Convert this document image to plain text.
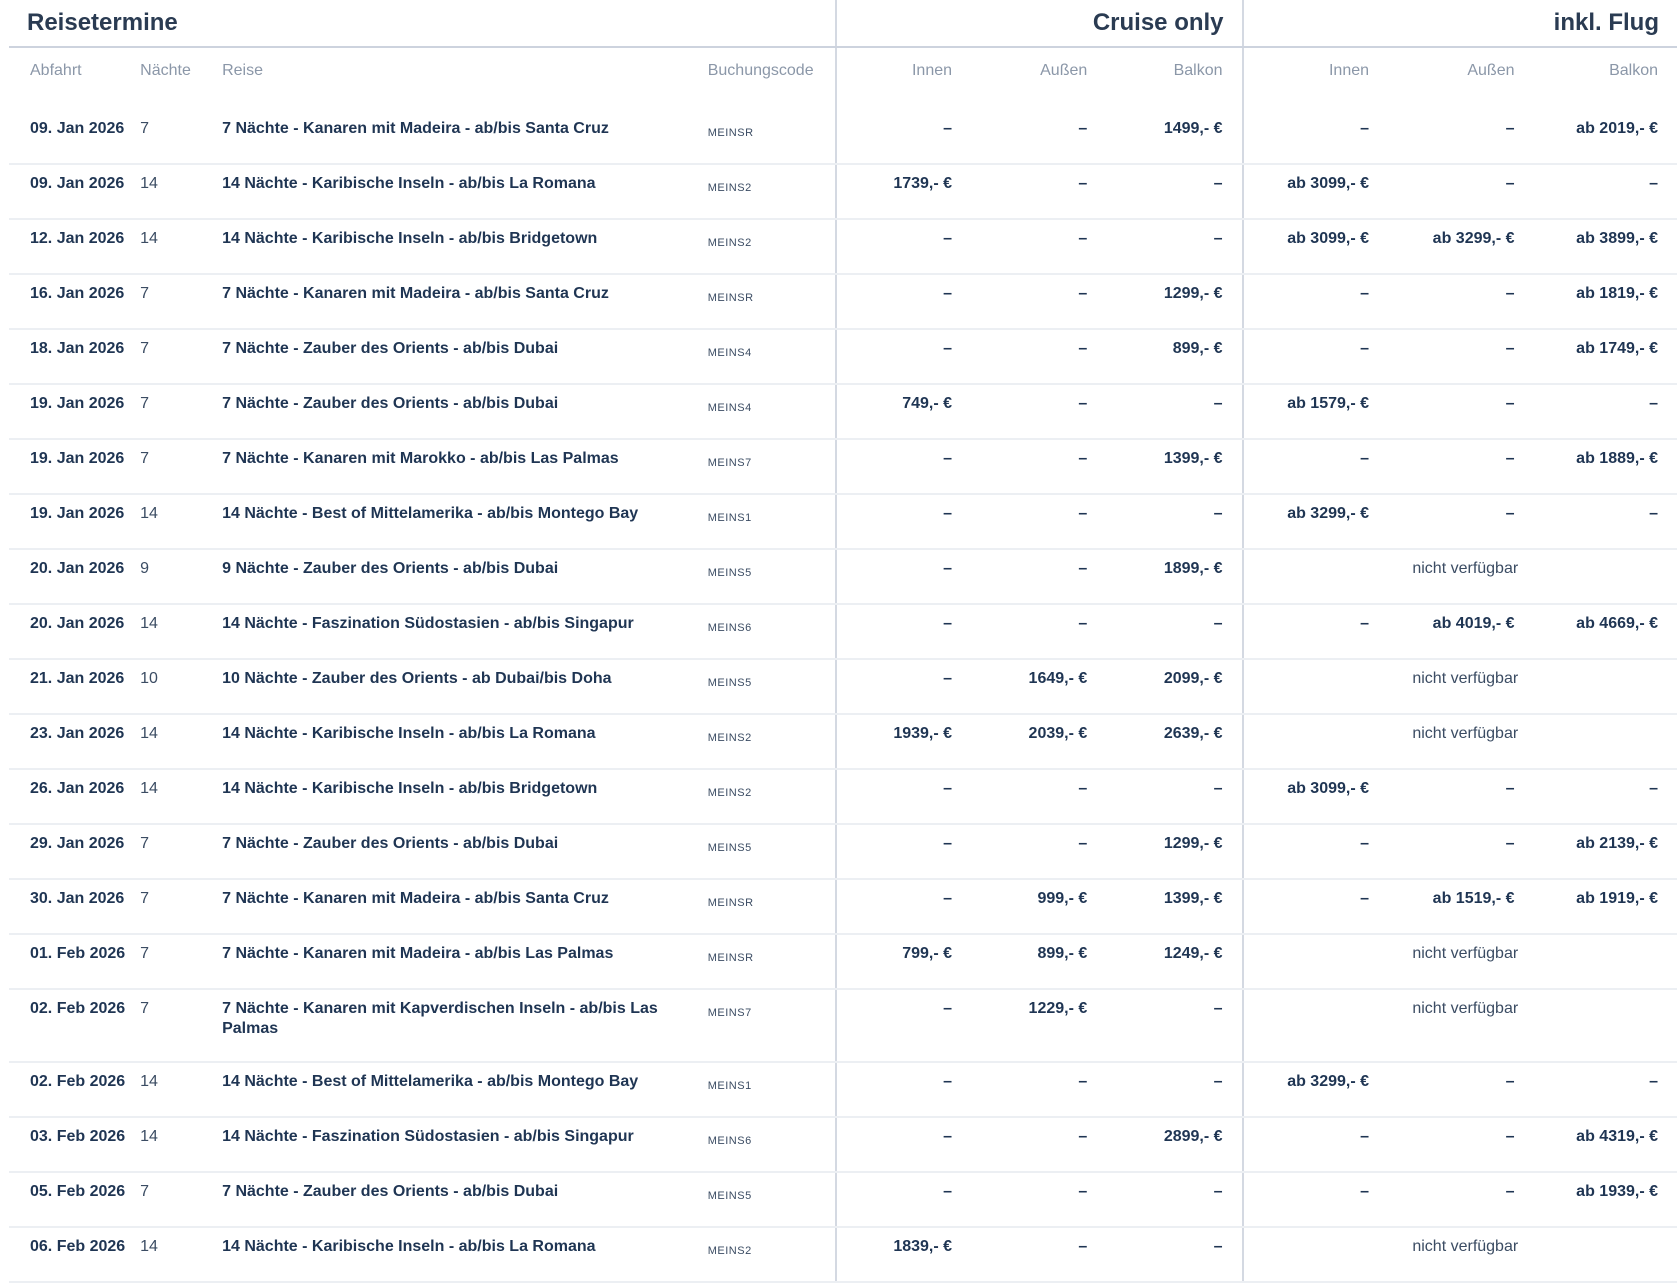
Reisetermine				Cruise only			inkl. Flug		
Abfahrt	Nächte	Reise	Buchungscode	Innen	Außen	Balkon	Innen	Außen	Balkon
09. Jan 2026	7	7 Nächte - Kanaren mit Madeira - ab/bis Santa Cruz	MEINSR	–	–	1499,- €	–	–	ab 2019,- €
09. Jan 2026	14	14 Nächte - Karibische Inseln - ab/bis La Romana	MEINS2	1739,- €	–	–	ab 3099,- €	–	–
12. Jan 2026	14	14 Nächte - Karibische Inseln - ab/bis Bridgetown	MEINS2	–	–	–	ab 3099,- €	ab 3299,- €	ab 3899,- €
16. Jan 2026	7	7 Nächte - Kanaren mit Madeira - ab/bis Santa Cruz	MEINSR	–	–	1299,- €	–	–	ab 1819,- €
18. Jan 2026	7	7 Nächte - Zauber des Orients - ab/bis Dubai	MEINS4	–	–	899,- €	–	–	ab 1749,- €
19. Jan 2026	7	7 Nächte - Zauber des Orients - ab/bis Dubai	MEINS4	749,- €	–	–	ab 1579,- €	–	–
19. Jan 2026	7	7 Nächte - Kanaren mit Marokko - ab/bis Las Palmas	MEINS7	–	–	1399,- €	–	–	ab 1889,- €
19. Jan 2026	14	14 Nächte - Best of Mittelamerika - ab/bis Montego Bay	MEINS1	–	–	–	ab 3299,- €	–	–
20. Jan 2026	9	9 Nächte - Zauber des Orients - ab/bis Dubai	MEINS5	–	–	1899,- €	nicht verfügbar		
20. Jan 2026	14	14 Nächte - Faszination Südostasien - ab/bis Singapur	MEINS6	–	–	–	–	ab 4019,- €	ab 4669,- €
21. Jan 2026	10	10 Nächte - Zauber des Orients - ab Dubai/bis Doha	MEINS5	–	1649,- €	2099,- €	nicht verfügbar		
23. Jan 2026	14	14 Nächte - Karibische Inseln - ab/bis La Romana	MEINS2	1939,- €	2039,- €	2639,- €	nicht verfügbar		
26. Jan 2026	14	14 Nächte - Karibische Inseln - ab/bis Bridgetown	MEINS2	–	–	–	ab 3099,- €	–	–
29. Jan 2026	7	7 Nächte - Zauber des Orients - ab/bis Dubai	MEINS5	–	–	1299,- €	–	–	ab 2139,- €
30. Jan 2026	7	7 Nächte - Kanaren mit Madeira - ab/bis Santa Cruz	MEINSR	–	999,- €	1399,- €	–	ab 1519,- €	ab 1919,- €
01. Feb 2026	7	7 Nächte - Kanaren mit Madeira - ab/bis Las Palmas	MEINSR	799,- €	899,- €	1249,- €	nicht verfügbar		
02. Feb 2026	7	7 Nächte - Kanaren mit Kapverdischen Inseln - ab/bis Las Palmas	MEINS7	–	1229,- €	–	nicht verfügbar		
02. Feb 2026	14	14 Nächte - Best of Mittelamerika - ab/bis Montego Bay	MEINS1	–	–	–	ab 3299,- €	–	–
03. Feb 2026	14	14 Nächte - Faszination Südostasien - ab/bis Singapur	MEINS6	–	–	2899,- €	–	–	ab 4319,- €
05. Feb 2026	7	7 Nächte - Zauber des Orients - ab/bis Dubai	MEINS5	–	–	–	–	–	ab 1939,- €
06. Feb 2026	14	14 Nächte - Karibische Inseln - ab/bis La Romana	MEINS2	1839,- €	–	–	nicht verfügbar		
